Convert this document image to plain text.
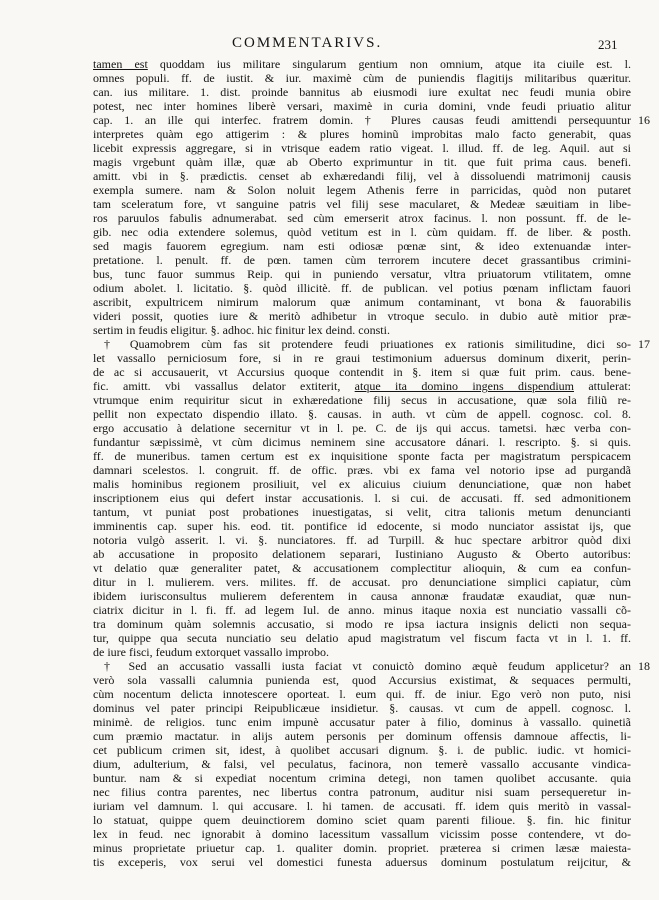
COMMENTARIVS.	231
tamen est quoddam ius militare singularum gentium non omnium, atque ita ciuile est. l.
omnes populi. ff. de iustit. & iur. maximè cùm de puniendis flagitijs militaribus quæritur.
can. ius militare. 1. dist. proinde bannitus ab eiusmodi iure exultat nec feudi munia obire
potest, nec inter homines liberè versari, maximè in curia domini, vnde feudi priuatio alitur
cap. 1. an ille qui interfec. fratrem domin. † Plures causas feudi amittendi persequuntur 16
interpretes quàm ego attigerim : & plures hominũ improbitas malo facto generabit, quas
licebit expressis aggregare, si in vtrisque eadem ratio vigeat. l. illud. ff. de leg. Aquil. aut si
magis vrgebunt quàm illæ, quæ ab Oberto exprimuntur in tit. que fuit prima caus. benefi.
amitt. vbi in §. prædictis. censet ab exhæredandi filij, vel à dissoluendi matrimonij causis
exempla sumere. nam & Solon noluit legem Athenis ferre in parricidas, quòd non putaret
tam sceleratum fore, vt sanguine patris vel filij sese macularet, & Medeæ sæuitiam in libe-
ros paruulos fabulis adnumerabat. sed cùm emerserit atrox facinus. l. non possunt. ff. de le-
gib. nec odia extendere solemus, quòd vetitum est in l. cùm quidam. ff. de liber. & posth.
sed magis fauorem egregium. nam esti odiosæ pœnæ sint, & ideo extenuandæ inter-
pretatione. l. penult. ff. de pœn. tamen cùm terrorem incutere decet grassantibus crimini-
bus, tunc fauor summus Reip. qui in puniendo versatur, vltra priuatorum vtilitatem, omne
odium abolet. l. licitatio. §. quòd illicitè. ff. de publican. vel potius pœnam inflictam fauori
ascribit, expultricem nimirum malorum quæ animum contaminant, vt bona & fauorabilis
videri possit, quoties iure & meritò adhibetur in vtroque seculo. in dubio autè mitior præ-
sertim in feudis eligitur. §. adhoc. hic finitur lex deind. consti.
† Quamobrem cùm fas sit protendere feudi priuationes ex rationis similitudine, dici so- 17
let vassallo perniciosum fore, si in re graui testimonium aduersus dominum dixerit, perin-
de ac si accusauerit, vt Accursius quoque contendit in §. item si quæ fuit prim. caus. bene-
fic. amitt. vbi vassallus delator extiterit, atque ita domino ingens dispendium attulerat:
vtrumque enim requiritur sicut in exhæredatione filij secus in accusatione, quæ sola filiũ re-
pellit non expectato dispendio illato. §. causas. in auth. vt cùm de appell. cognosc. col. 8.
ergo accusatio à delatione secernitur vt in l. pe. C. de ijs qui accus. tametsi. hæc verba con-
fundantur sæpissimè, vt cùm dicimus neminem sine accusatore dánari. l. rescripto. §. si quis.
ff. de muneribus. tamen certum est ex inquisitione sponte facta per magistratum perspicacem
damnari scelestos. l. congruit. ff. de offic. præs. vbi ex fama vel notorio ipse ad purgandã
malis hominibus regionem prosiliuit, vel ex alicuius ciuium denunciatione, quæ non habet
inscriptionem eius qui defert instar accusationis. l. si cui. de accusati. ff. sed admonitionem
tantum, vt puniat post probationes inuestigatas, si velit, citra talionis metum denuncianti
imminentis cap. super his. eod. tit. pontifice id edocente, si modo nunciator assistat ijs, que
notoria vulgò asserit. l. vi. §. nunciatores. ff. ad Turpill. & huc spectare arbitror quòd dixi
ab accusatione in proposito delationem separari, Iustiniano Augusto & Oberto autoribus:
vt delatio quæ generaliter patet, & accusationem complectitur alioquin, & cum ea confun-
ditur in l. mulierem. vers. milites. ff. de accusat. pro denunciatione simplici capiatur, cùm
ibidem iurisconsultus mulierem deferentem in causa annonæ fraudatæ exaudiat, quæ nun-
ciatrix dicitur in l. fi. ff. ad legem Iul. de anno. minus itaque noxia est nunciatio vassalli cõ-
tra dominum quàm solemnis accusatio, si modo re ipsa iactura insignis delicti non sequa-
tur, quippe qua secuta nunciatio seu delatio apud magistratum vel fiscum facta vt in l. 1. ff.
de iure fisci, feudum extorquet vassallo improbo.
† Sed an accusatio vassalli iusta faciat vt conuictò domino æquè feudum applicetur? an 18
verò sola vassalli calumnia punienda est, quod Accursius existimat, & sequaces permulti,
cùm nocentum delicta innotescere oporteat. l. eum qui. ff. de iniur. Ego verò non puto, nisi
dominus vel pater principi Reipublicæue insidietur. §. causas. vt cum de appell. cognosc. l.
minimè. de religios. tunc enim impunè accusatur pater à filio, dominus à vassallo. quinetiã
cum præmio mactatur. in alijs autem personis per dominum offensis damnoue affectis, li-
cet publicum crimen sit, idest, à quolibet accusari dignum. §. i. de public. iudic. vt homici-
dium, adulterium, & falsi, vel peculatus, facinora, non temerè vassallo accusante vindica-
buntur. nam & si expediat nocentum crimina detegi, non tamen quolibet accusante. quia
nec filius contra parentes, nec libertus contra patronum, auditur nisi suam persequeretur in-
iuriam vel damnum. l. qui accusare. l. hi tamen. de accusati. ff. idem quis meritò in vassal-
lo statuat, quippe quem deuinctiorem domino sciet quam parenti filioue. §. fin. hic finitur
lex in feud. nec ignorabit à domino lacessitum vassallum vicissim posse contendere, vt do-
minus proprietate priuetur cap. 1. qualiter domin. propriet. præterea si crimen læsæ maiesta-
tis exceperis, vox serui vel domestici funesta aduersus dominum postulatum reijcitur, &
